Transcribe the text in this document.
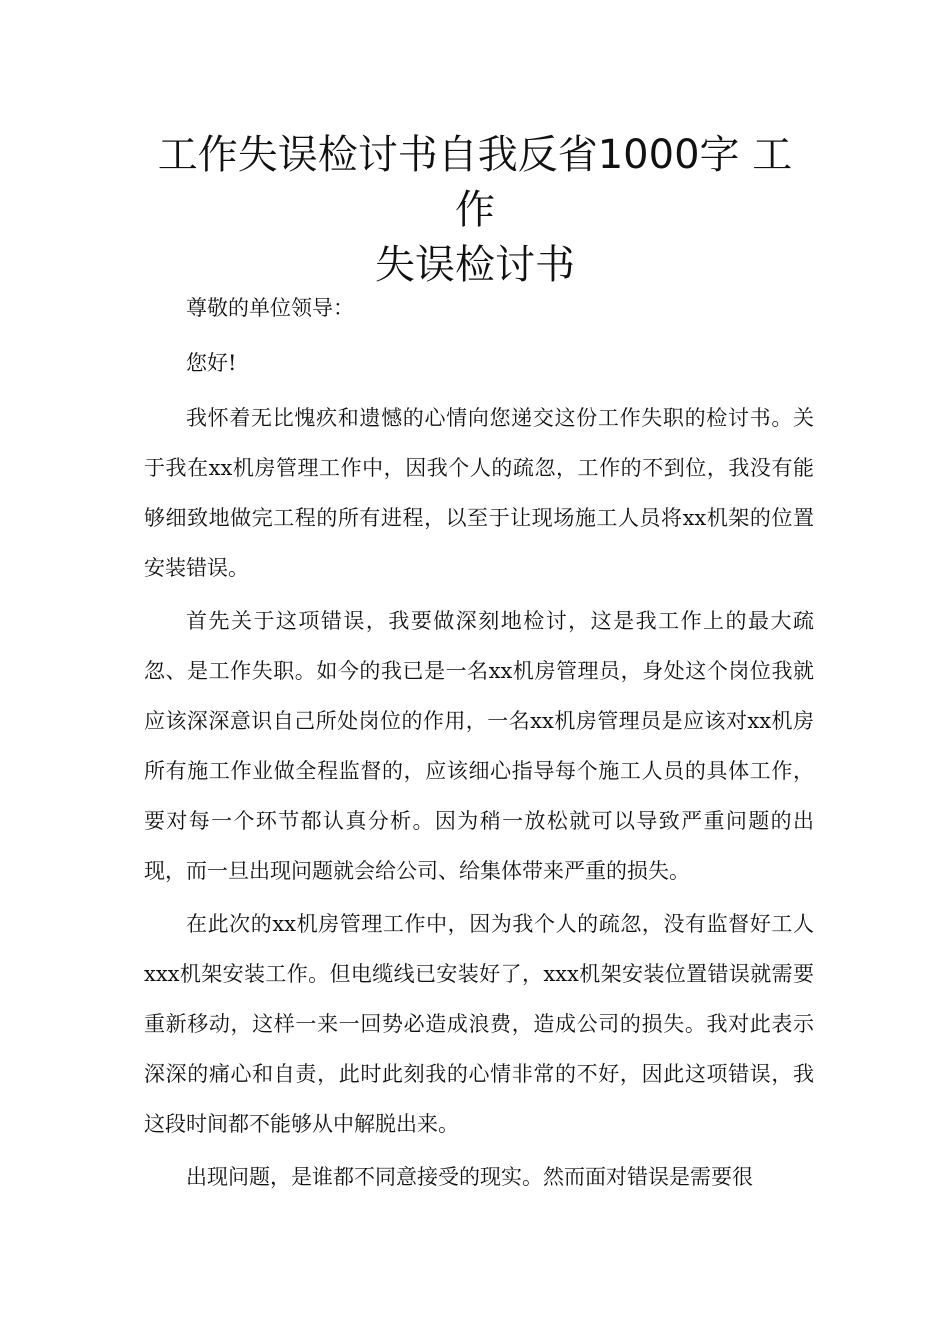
工作失误检讨书自我反省1000字 工作
失误检讨书

尊敬的单位领导：

您好!

我怀着无比愧疚和遗憾的心情向您递交这份工作失职的检讨书。关于我在xx机房管理工作中，因我个人的疏忽，工作的不到位，我没有能够细致地做完工程的所有进程，以至于让现场施工人员将xx机架的位置安装错误。

首先关于这项错误，我要做深刻地检讨，这是我工作上的最大疏忽、是工作失职。如今的我已是一名xx机房管理员，身处这个岗位我就应该深深意识自己所处岗位的作用，一名xx机房管理员是应该对xx机房所有施工作业做全程监督的，应该细心指导每个施工人员的具体工作，要对每一个环节都认真分析。因为稍一放松就可以导致严重问题的出现，而一旦出现问题就会给公司、给集体带来严重的损失。

在此次的xx机房管理工作中，因为我个人的疏忽，没有监督好工人xxx机架安装工作。但电缆线已安装好了，xxx机架安装位置错误就需要重新移动，这样一来一回势必造成浪费，造成公司的损失。我对此表示深深的痛心和自责，此时此刻我的心情非常的不好，因此这项错误，我这段时间都不能够从中解脱出来。

出现问题，是谁都不同意接受的现实。然而面对错误是需要很
